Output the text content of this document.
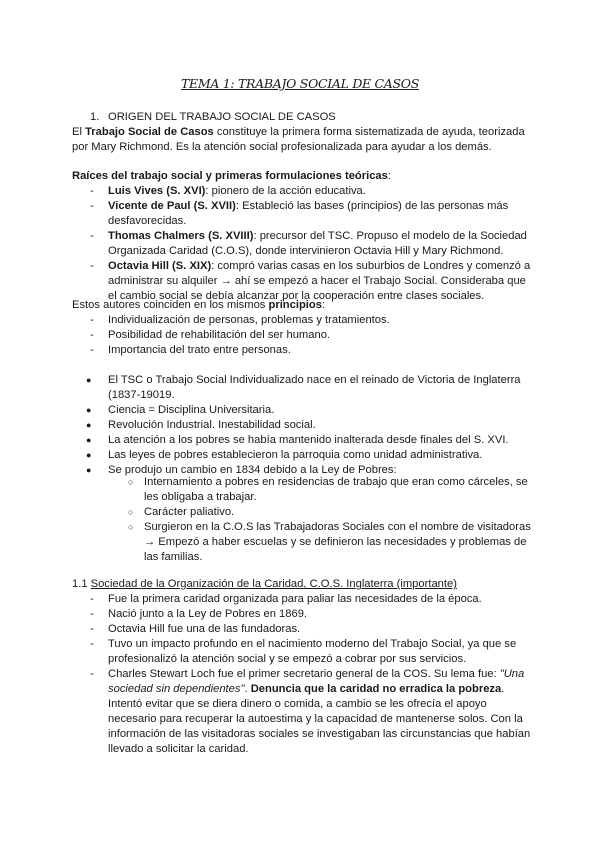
TEMA 1: TRABAJO SOCIAL DE CASOS
1. ORIGEN DEL TRABAJO SOCIAL DE CASOS
El Trabajo Social de Casos constituye la primera forma sistematizada de ayuda, teorizada por Mary Richmond. Es la atención social profesionalizada para ayudar a los demás.
Raíces del trabajo social y primeras formulaciones teóricas:
- Luis Vives (S. XVI): pionero de la acción educativa.
- Vicente de Paul (S. XVII): Estableció las bases (principios) de las personas más desfavorecidas.
- Thomas Chalmers (S. XVIII): precursor del TSC. Propuso el modelo de la Sociedad Organizada Caridad (C.O.S), donde intervinieron Octavia Hill y Mary Richmond.
- Octavia Hill (S. XIX): compró varias casas en los suburbios de Londres y comenzó a administrar su alquiler → ahí se empezó a hacer el Trabajo Social. Consideraba que el cambio social se debía alcanzar por la cooperación entre clases sociales.
Estos autores coinciden en los mismos principios:
- Individualización de personas, problemas y tratamientos.
- Posibilidad de rehabilitación del ser humano.
- Importancia del trato entre personas.
● El TSC o Trabajo Social Individualizado nace en el reinado de Victoria de Inglaterra (1837-19019.
● Ciencia = Disciplina Universitaria.
● Revolución Industrial. Inestabilidad social.
● La atención a los pobres se había mantenido inalterada desde finales del S. XVI.
● Las leyes de pobres establecieron la parroquia como unidad administrativa.
● Se produjo un cambio en 1834 debido a la Ley de Pobres:
○ Internamiento a pobres en residencias de trabajo que eran como cárceles, se les obligaba a trabajar.
○ Carácter paliativo.
○ Surgieron en la C.O.S las Trabajadoras Sociales con el nombre de visitadoras → Empezó a haber escuelas y se definieron las necesidades y problemas de las familias.
1.1 Sociedad de la Organización de la Caridad, C.O.S. Inglaterra (importante)
- Fue la primera caridad organizada para paliar las necesidades de la época.
- Nació junto a la Ley de Pobres en 1869.
- Octavia Hill fue una de las fundadoras.
- Tuvo un impacto profundo en el nacimiento moderno del Trabajo Social, ya que se profesionalizó la atención social y se empezó a cobrar por sus servicios.
- Charles Stewart Loch fue el primer secretario general de la COS. Su lema fue: "Una sociedad sin dependientes". Denuncia que la caridad no erradica la pobreza. Intentó evitar que se diera dinero o comida, a cambio se les ofrecía el apoyo necesario para recuperar la autoestima y la capacidad de mantenerse solos. Con la información de las visitadoras sociales se investigaban las circunstancias que habían llevado a solicitar la caridad.
